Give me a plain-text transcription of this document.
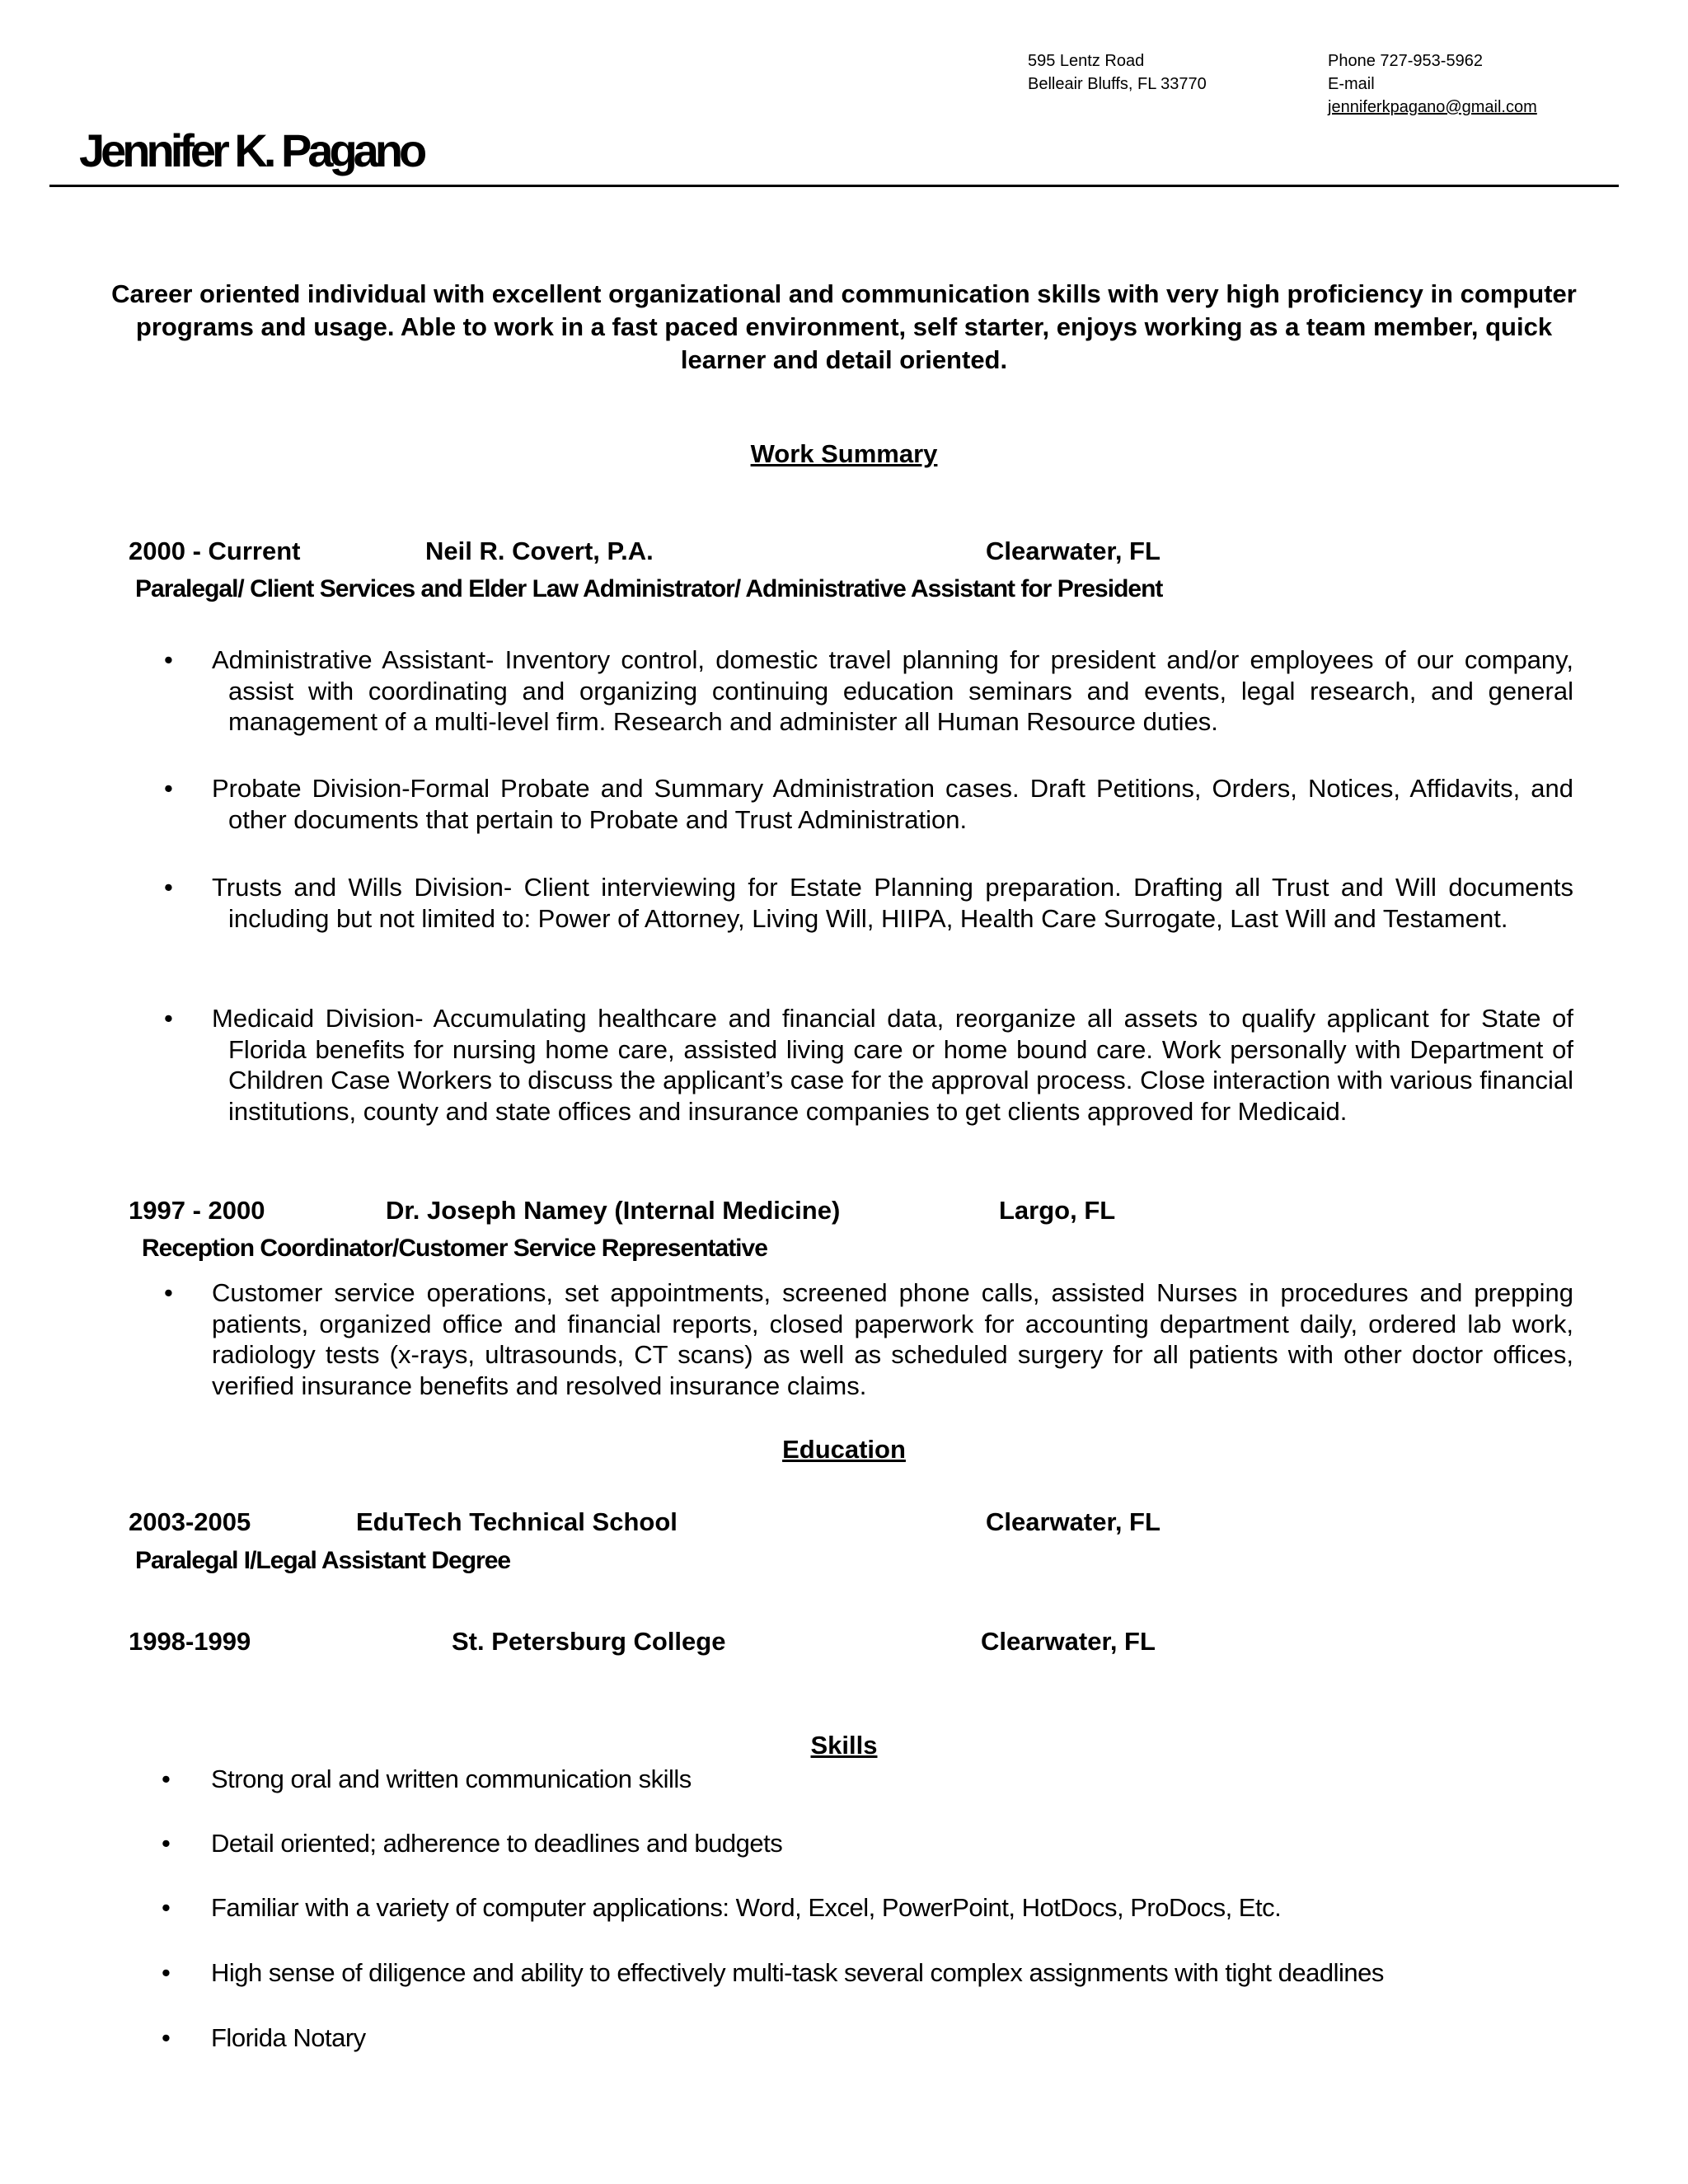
595 Lentz Road
Belleair Bluffs, FL 33770
Phone 727-953-5962
E-mail
jenniferkpagano@gmail.com
Jennifer K. Pagano
Career oriented individual with excellent organizational and communication skills with very high proficiency in computer programs and usage. Able to work in a fast paced environment, self starter, enjoys working as a team member, quick learner and detail oriented.
Work Summary
2000 - Current	Neil R. Covert, P.A.	Clearwater, FL
Paralegal/ Client Services and Elder Law Administrator/ Administrative Assistant for President
• Administrative Assistant- Inventory control, domestic travel planning for president and/or employees of our company, assist with coordinating and organizing continuing education seminars and events, legal research, and general management of a multi-level firm. Research and administer all Human Resource duties.
• Probate Division-Formal Probate and Summary Administration cases. Draft Petitions, Orders, Notices, Affidavits, and other documents that pertain to Probate and Trust Administration.
• Trusts and Wills Division- Client interviewing for Estate Planning preparation. Drafting all Trust and Will documents including but not limited to: Power of Attorney, Living Will, HIIPA, Health Care Surrogate, Last Will and Testament.
• Medicaid Division- Accumulating healthcare and financial data, reorganize all assets to qualify applicant for State of Florida benefits for nursing home care, assisted living care or home bound care. Work personally with Department of Children Case Workers to discuss the applicant’s case for the approval process. Close interaction with various financial institutions, county and state offices and insurance companies to get clients approved for Medicaid.
1997 - 2000	Dr. Joseph Namey (Internal Medicine)	Largo, FL
Reception Coordinator/Customer Service Representative
• Customer service operations, set appointments, screened phone calls, assisted Nurses in procedures and prepping patients, organized office and financial reports, closed paperwork for accounting department daily, ordered lab work, radiology tests (x-rays, ultrasounds, CT scans) as well as scheduled surgery for all patients with other doctor offices, verified insurance benefits and resolved insurance claims.
Education
2003-2005	EduTech Technical School	Clearwater, FL
Paralegal I/Legal Assistant Degree
1998-1999	St. Petersburg College	Clearwater, FL
Skills
• Strong oral and written communication skills
• Detail oriented; adherence to deadlines and budgets
• Familiar with a variety of computer applications: Word, Excel, PowerPoint, HotDocs, ProDocs, Etc.
• High sense of diligence and ability to effectively multi-task several complex assignments with tight deadlines
• Florida Notary
